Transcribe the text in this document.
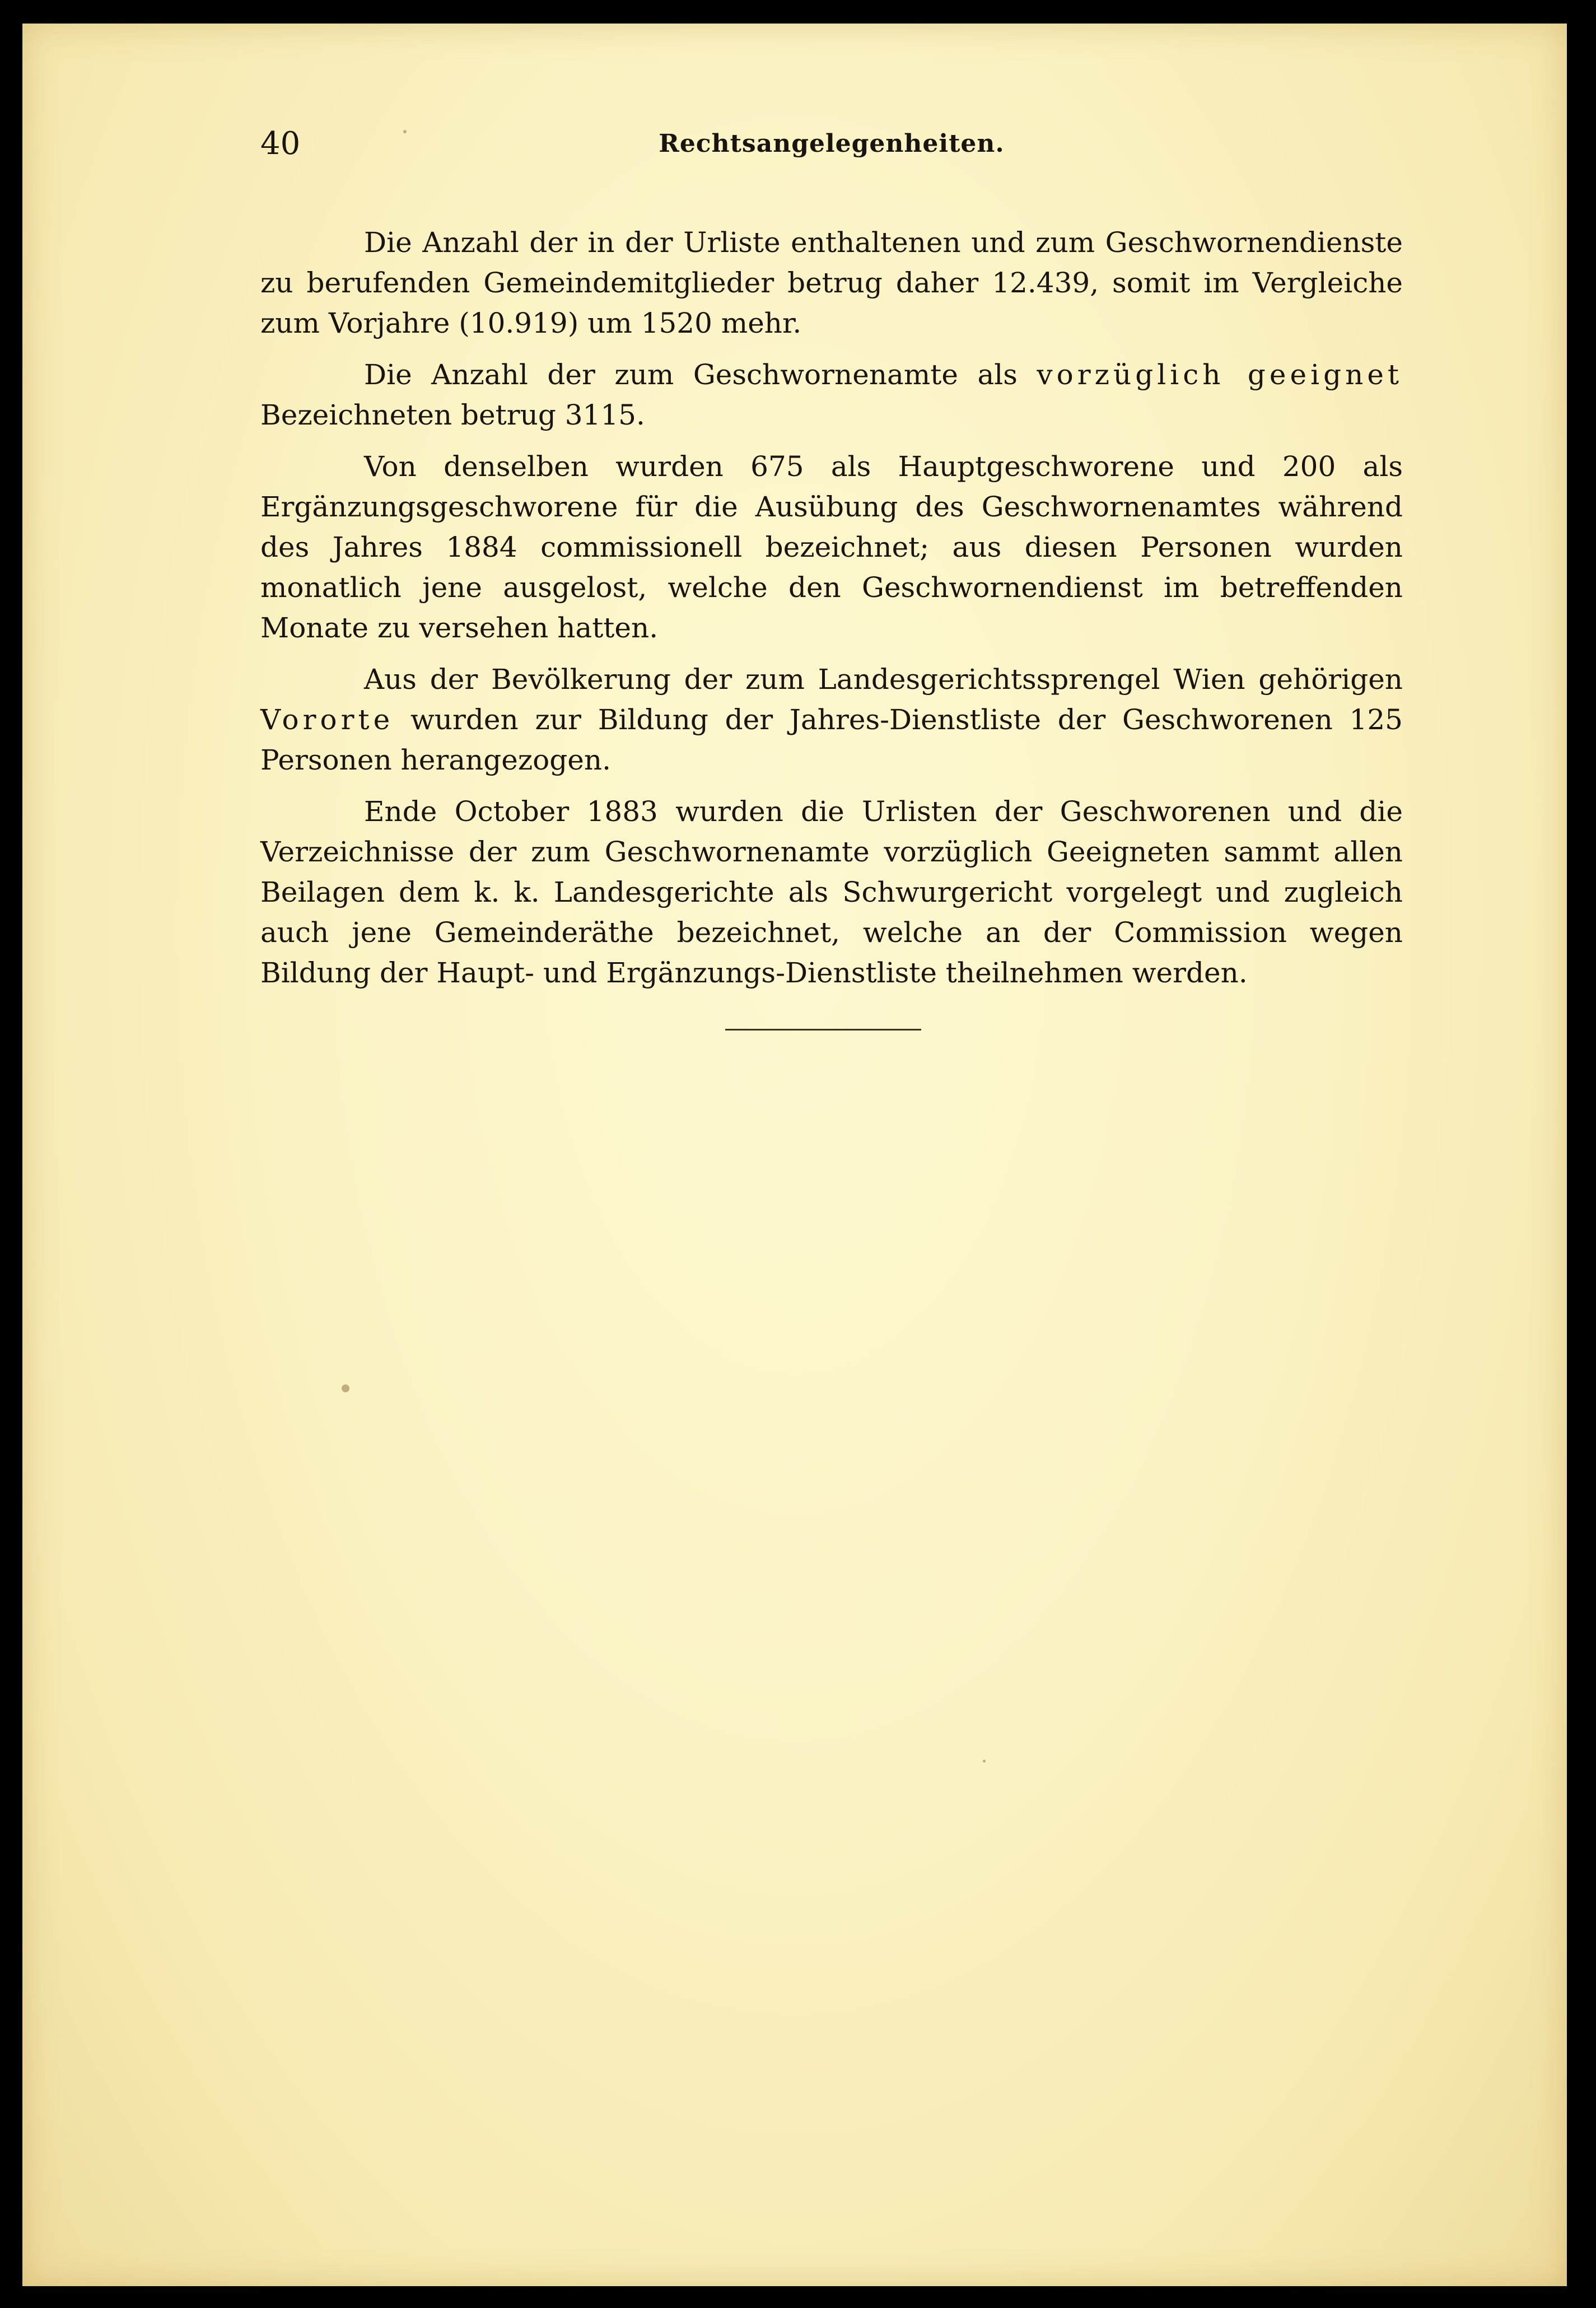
40	Rechtsangelegenheiten.

Die Anzahl der in der Urliste enthaltenen und zum Geschwornendienste zu berufenden Gemeindemitglieder betrug daher 12.439, somit im Vergleiche zum Vorjahre (10.919) um 1520 mehr.

Die Anzahl der zum Geschwornenamte als vorzüglich geeignet Bezeichneten betrug 3115.

Von denselben wurden 675 als Hauptgeschworene und 200 als Ergänzungsgeschworene für die Ausübung des Geschwornenamtes während des Jahres 1884 commissionell bezeichnet; aus diesen Personen wurden monatlich jene ausgelost, welche den Geschwornendienst im betreffenden Monate zu versehen hatten.

Aus der Bevölkerung der zum Landesgerichtssprengel Wien gehörigen Vororte wurden zur Bildung der Jahres-Dienstliste der Geschworenen 125 Personen herangezogen.

Ende October 1883 wurden die Urlisten der Geschworenen und die Verzeichnisse der zum Geschwornenamte vorzüglich Geeigneten sammt allen Beilagen dem k. k. Landesgerichte als Schwurgericht vorgelegt und zugleich auch jene Gemeinderäthe bezeichnet, welche an der Commission wegen Bildung der Haupt- und Ergänzungs-Dienstliste theilnehmen werden.
